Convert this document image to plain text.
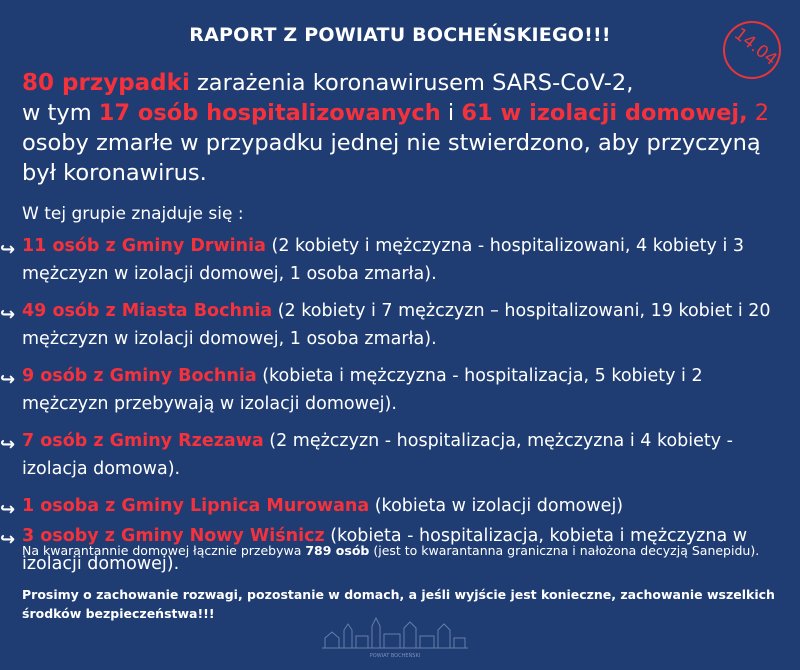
RAPORT Z POWIATU BOCHEŃSKIEGO!!!	14.04
80 przypadki zarażenia koronawirusem SARS-CoV-2,
w tym 17 osób hospitalizowanych i 61 w izolacji domowej, 2 osoby zmarłe w przypadku jednej nie stwierdzono, aby przyczyną był koronawirus.
W tej grupie znajduje się :
↪ 11 osób z Gminy Drwinia (2 kobiety i mężczyzna - hospitalizowani, 4 kobiety i 3 mężczyzn w izolacji domowej, 1 osoba zmarła).
↪ 49 osób z Miasta Bochnia (2 kobiety i 7 mężczyzn – hospitalizowani, 19 kobiet i 20 mężczyzn w izolacji domowej, 1 osoba zmarła).
↪ 9 osób z Gminy Bochnia (kobieta i mężczyzna - hospitalizacja, 5 kobiety i 2 mężczyzn przebywają w izolacji domowej).
↪ 7 osób z Gminy Rzezawa (2 mężczyzn - hospitalizacja, mężczyzna i 4 kobiety - izolacja domowa).
↪ 1 osoba z Gminy Lipnica Murowana (kobieta w izolacji domowej)
↪ 3 osoby z Gminy Nowy Wiśnicz (kobieta - hospitalizacja, kobieta i mężczyzna w izolacji domowej).
Na kwarantannie domowej łącznie przebywa 789 osób (jest to kwarantanna graniczna i nałożona decyzją Sanepidu).
Prosimy o zachowanie rozwagi, pozostanie w domach, a jeśli wyjście jest konieczne, zachowanie wszelkich środków bezpieczeństwa!!!
POWIAT BOCHEŃSKI
